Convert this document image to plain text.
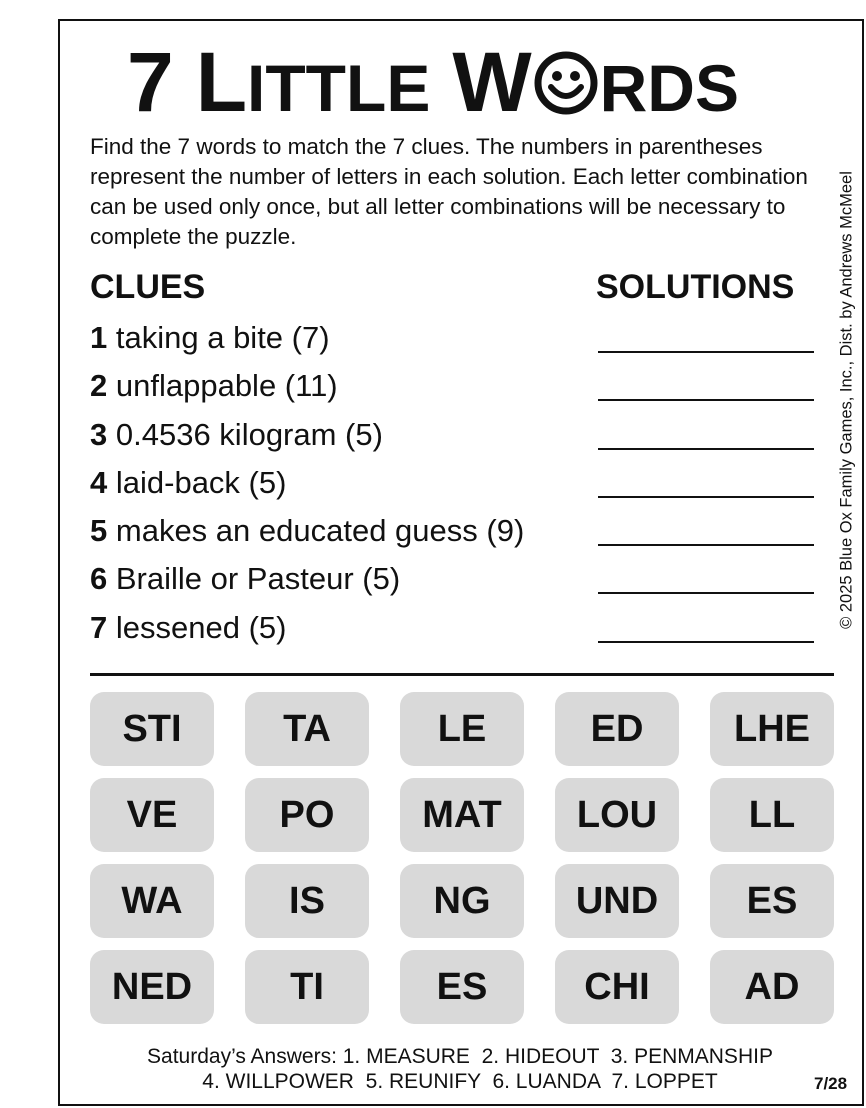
7 L ITTLE W RDS
Find the 7 words to match the 7 clues. The numbers in parentheses represent the number of letters in each solution. Each letter combination can be used only once, but all letter combinations will be necessary to complete the puzzle.
CLUES	SOLUTIONS
1 taking a bite (7)
2 unflappable (11)
3 0.4536 kilogram (5)
4 laid-back (5)
5 makes an educated guess (9)
6 Braille or Pasteur (5)
7 lessened (5)
STI	TA	LE	ED	LHE
VE	PO	MAT	LOU	LL
WA	IS	NG	UND	ES
NED	TI	ES	CHI	AD
© 2025 Blue Ox Family Games, Inc., Dist. by Andrews McMeel
Saturday’s Answers: 1. MEASURE  2. HIDEOUT  3. PENMANSHIP
4. WILLPOWER  5. REUNIFY  6. LUANDA  7. LOPPET	7/28
